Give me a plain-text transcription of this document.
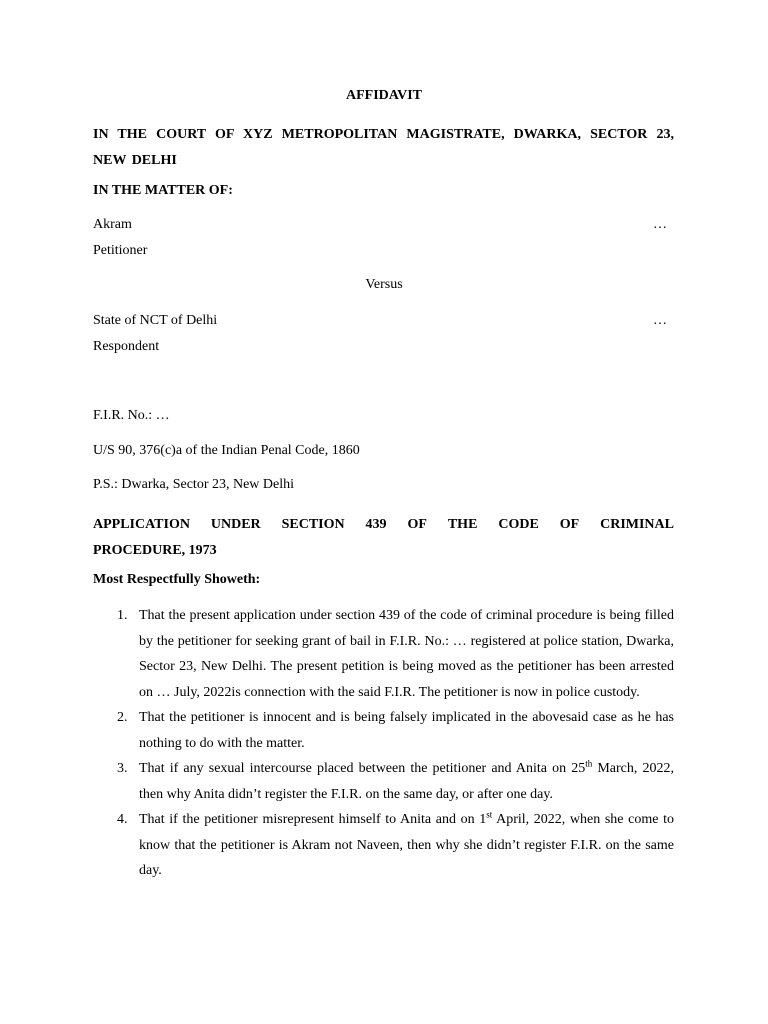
AFFIDAVIT
IN THE COURT OF XYZ METROPOLITAN MAGISTRATE, DWARKA, SECTOR 23, NEW DELHI
IN THE MATTER OF:
Akram	…
Petitioner
Versus
State of NCT of Delhi	…
Respondent
F.I.R. No.: …
U/S 90, 376(c)a of the Indian Penal Code, 1860
P.S.: Dwarka, Sector 23, New Delhi
APPLICATION UNDER SECTION 439 OF THE CODE OF CRIMINAL
PROCEDURE, 1973
Most Respectfully Showeth:
1. That the present application under section 439 of the code of criminal procedure is being filled by the petitioner for seeking grant of bail in F.I.R. No.: … registered at police station, Dwarka, Sector 23, New Delhi. The present petition is being moved as the petitioner has been arrested on … July, 2022is connection with the said F.I.R. The petitioner is now in police custody.
2. That the petitioner is innocent and is being falsely implicated in the abovesaid case as he has nothing to do with the matter.
3. That if any sexual intercourse placed between the petitioner and Anita on 25th March, 2022, then why Anita didn’t register the F.I.R. on the same day, or after one day.
4. That if the petitioner misrepresent himself to Anita and on 1st April, 2022, when she come to know that the petitioner is Akram not Naveen, then why she didn’t register F.I.R. on the same day.
